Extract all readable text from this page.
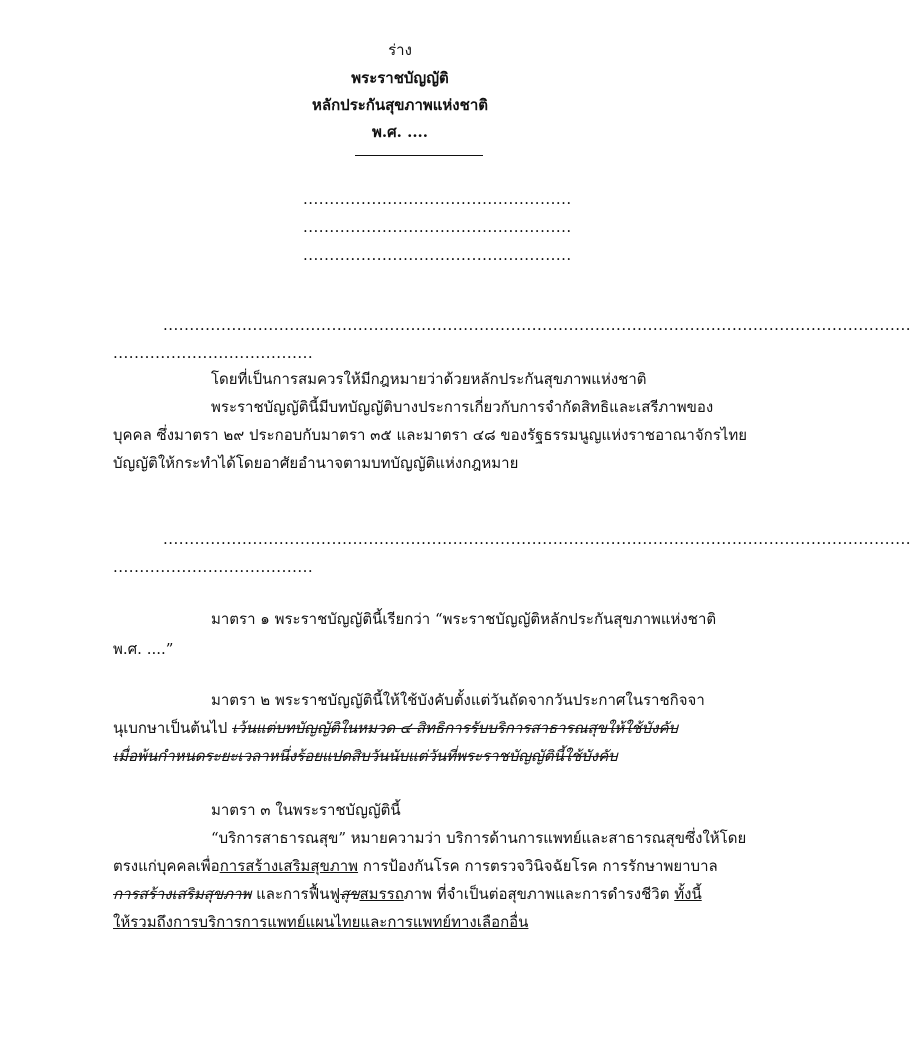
ร่าง
พระราชบัญญัติ
หลักประกันสุขภาพแห่งชาติ
พ.ศ. ....
...................................................
...................................................
...................................................
..............................................................................................................................................
......................................
โดยที่เป็นการสมควรให้มีกฎหมายว่าด้วยหลักประกันสุขภาพแห่งชาติ
พระราชบัญญัตินี้มีบทบัญญัติบางประการเกี่ยวกับการจำกัดสิทธิและเสรีภาพของ
บุคคล ซึ่งมาตรา ๒๙ ประกอบกับมาตรา ๓๕ และมาตรา ๔๘ ของรัฐธรรมนูญแห่งราชอาณาจักรไทย
บัญญัติให้กระทำได้โดยอาศัยอำนาจตามบทบัญญัติแห่งกฎหมาย
..............................................................................................................................................
......................................
มาตรา ๑ พระราชบัญญัตินี้เรียกว่า “พระราชบัญญัติหลักประกันสุขภาพแห่งชาติ
พ.ศ. ....”
มาตรา ๒ พระราชบัญญัตินี้ให้ใช้บังคับตั้งแต่วันถัดจากวันประกาศในราชกิจจา
นุเบกษาเป็นต้นไป เว้นแต่บทบัญญัติในหมวด ๔ สิทธิการรับบริการสาธารณสุขให้ใช้บังคับ
เมื่อพ้นกำหนดระยะเวลาหนึ่งร้อยแปดสิบวันนับแต่วันที่พระราชบัญญัตินี้ใช้บังคับ
มาตรา ๓ ในพระราชบัญญัตินี้
“บริการสาธารณสุข” หมายความว่า บริการด้านการแพทย์และสาธารณสุขซึ่งให้โดย
ตรงแก่บุคคลเพื่อการสร้างเสริมสุขภาพ การป้องกันโรค การตรวจวินิจฉัยโรค การรักษาพยาบาล
การสร้างเสริมสุขภาพ และการฟื้นฟูสุขสมรรถภาพ ที่จำเป็นต่อสุขภาพและการดำรงชีวิต ทั้งนี้
ให้รวมถึงการบริการการแพทย์แผนไทยและการแพทย์ทางเลือกอื่น
